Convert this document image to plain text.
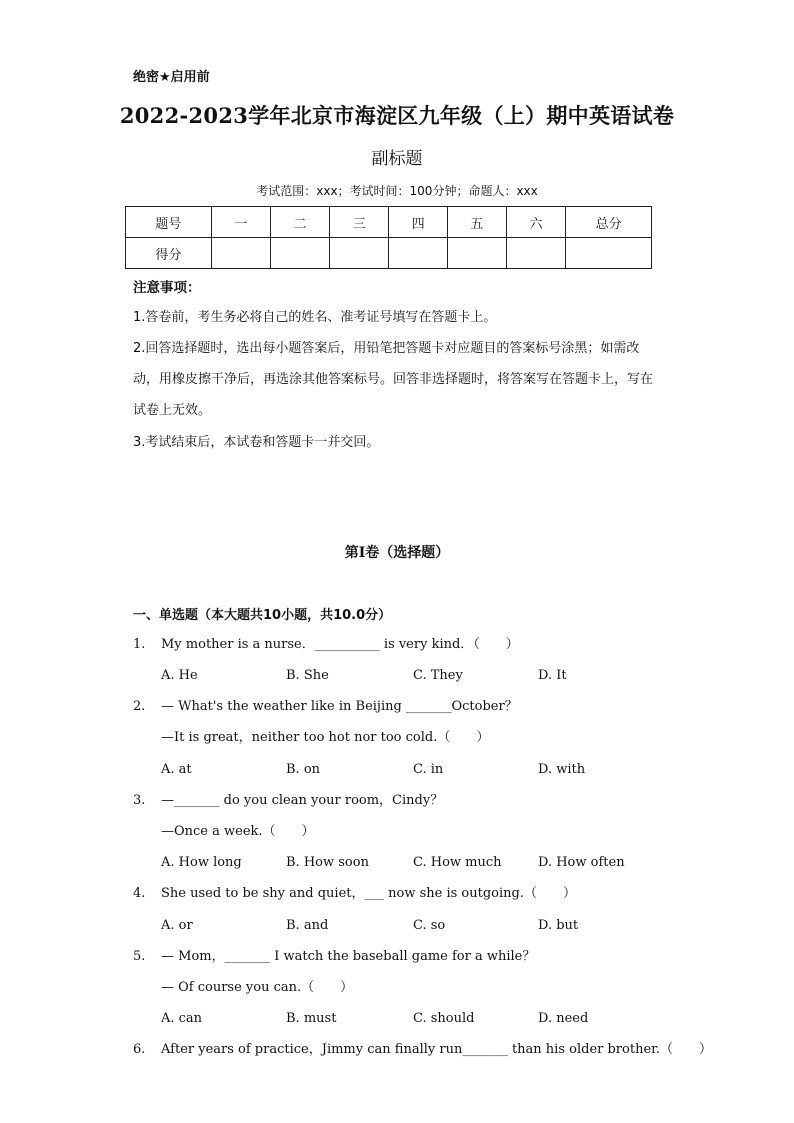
绝密★启用前
2022-2023学年北京市海淀区九年级（上）期中英语试卷
副标题
考试范围：xxx；考试时间：100分钟；命题人：xxx
题号	一	二	三	四	五	六	总分
得分							
注意事项：
1.答卷前，考生务必将自己的姓名、准考证号填写在答题卡上。
2.回答选择题时，选出每小题答案后，用铅笔把答题卡对应题目的答案标号涂黑；如需改动，用橡皮擦干净后，再选涂其他答案标号。回答非选择题时，将答案写在答题卡上，写在试卷上无效。
3.考试结束后，本试卷和答题卡一并交回。
第I卷（选择题）
一、单选题（本大题共10小题，共10.0分）
1. My mother is a nurse．__________ is very kind．（　　）
A. He	B. She	C. They	D. It
2. — What's the weather like in Beijing _______October？
—It is great，neither too hot nor too cold.（　　）
A. at	B. on	C. in	D. with
3. —_______ do you clean your room，Cindy？
—Once a week.（　　）
A. How long	B. How soon	C. How much	D. How often
4. She used to be shy and quiet，___ now she is outgoing.（　　）
A. or	B. and	C. so	D. but
5. — Mom，_______ I watch the baseball game for a while？
— Of course you can.（　　）
A. can	B. must	C. should	D. need
6. After years of practice，Jimmy can finally run_______ than his older brother.（　　）
